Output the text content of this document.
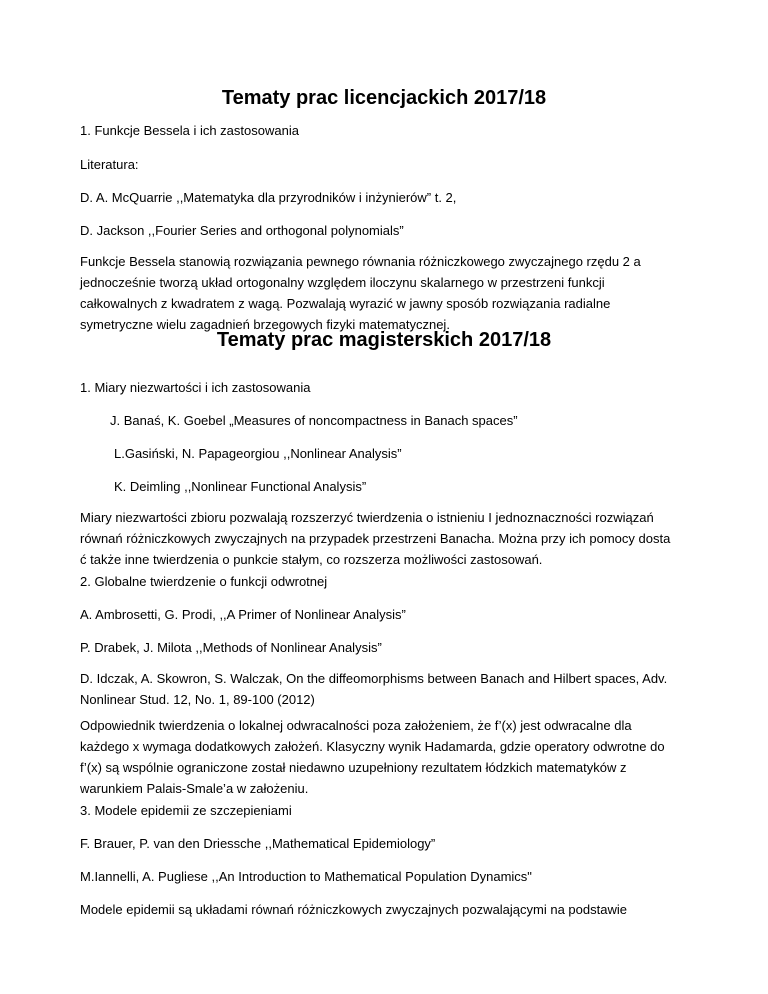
Tematy prac licencjackich 2017/18
1. Funkcje Bessela i ich zastosowania
Literatura:
D. A. McQuarrie ,,Matematyka dla przyrodników i inżynierów” t. 2,
D. Jackson ,,Fourier Series and orthogonal polynomials”
Funkcje Bessela stanowią rozwiązania pewnego równania różniczkowego zwyczajnego rzędu 2 a
jednocześnie tworzą układ ortogonalny względem iloczynu skalarnego w przestrzeni funkcji
całkowalnych z kwadratem z wagą. Pozwalają wyrazić w jawny sposób rozwiązania radialne
symetryczne wielu zagadnień brzegowych fizyki matematycznej.
Tematy prac magisterskich 2017/18
1. Miary niezwartości i ich zastosowania
J. Banaś, K. Goebel „Measures of noncompactness in Banach spaces”
L.Gasiński, N. Papageorgiou ,,Nonlinear Analysis”
K. Deimling ,,Nonlinear Functional Analysis”
Miary niezwartości zbioru pozwalają rozszerzyć twierdzenia o istnieniu I jednoznaczności rozwiązań
równań różniczkowych zwyczajnych na przypadek przestrzeni Banacha. Można przy ich pomocy dosta
ć także inne twierdzenia o punkcie stałym, co rozszerza możliwości zastosowań.
2. Globalne twierdzenie o funkcji odwrotnej
A. Ambrosetti, G. Prodi, ,,A Primer of Nonlinear Analysis”
P. Drabek, J. Milota ,,Methods of Nonlinear Analysis”
D. Idczak, A. Skowron, S. Walczak, On the diffeomorphisms between Banach and Hilbert spaces, Adv.
Nonlinear Stud. 12, No. 1, 89-100 (2012)
Odpowiednik twierdzenia o lokalnej odwracalności poza założeniem, że f’(x) jest odwracalne dla
każdego x wymaga dodatkowych założeń. Klasyczny wynik Hadamarda, gdzie operatory odwrotne do
f’(x) są wspólnie ograniczone został niedawno uzupełniony rezultatem łódzkich matematyków z
warunkiem Palais-Smale’a w założeniu.
3. Modele epidemii ze szczepieniami
F. Brauer, P. van den Driessche ,,Mathematical Epidemiology”
M.Iannelli, A. Pugliese ,,An Introduction to Mathematical Population Dynamics"
Modele epidemii są układami równań różniczkowych zwyczajnych pozwalającymi na podstawie
